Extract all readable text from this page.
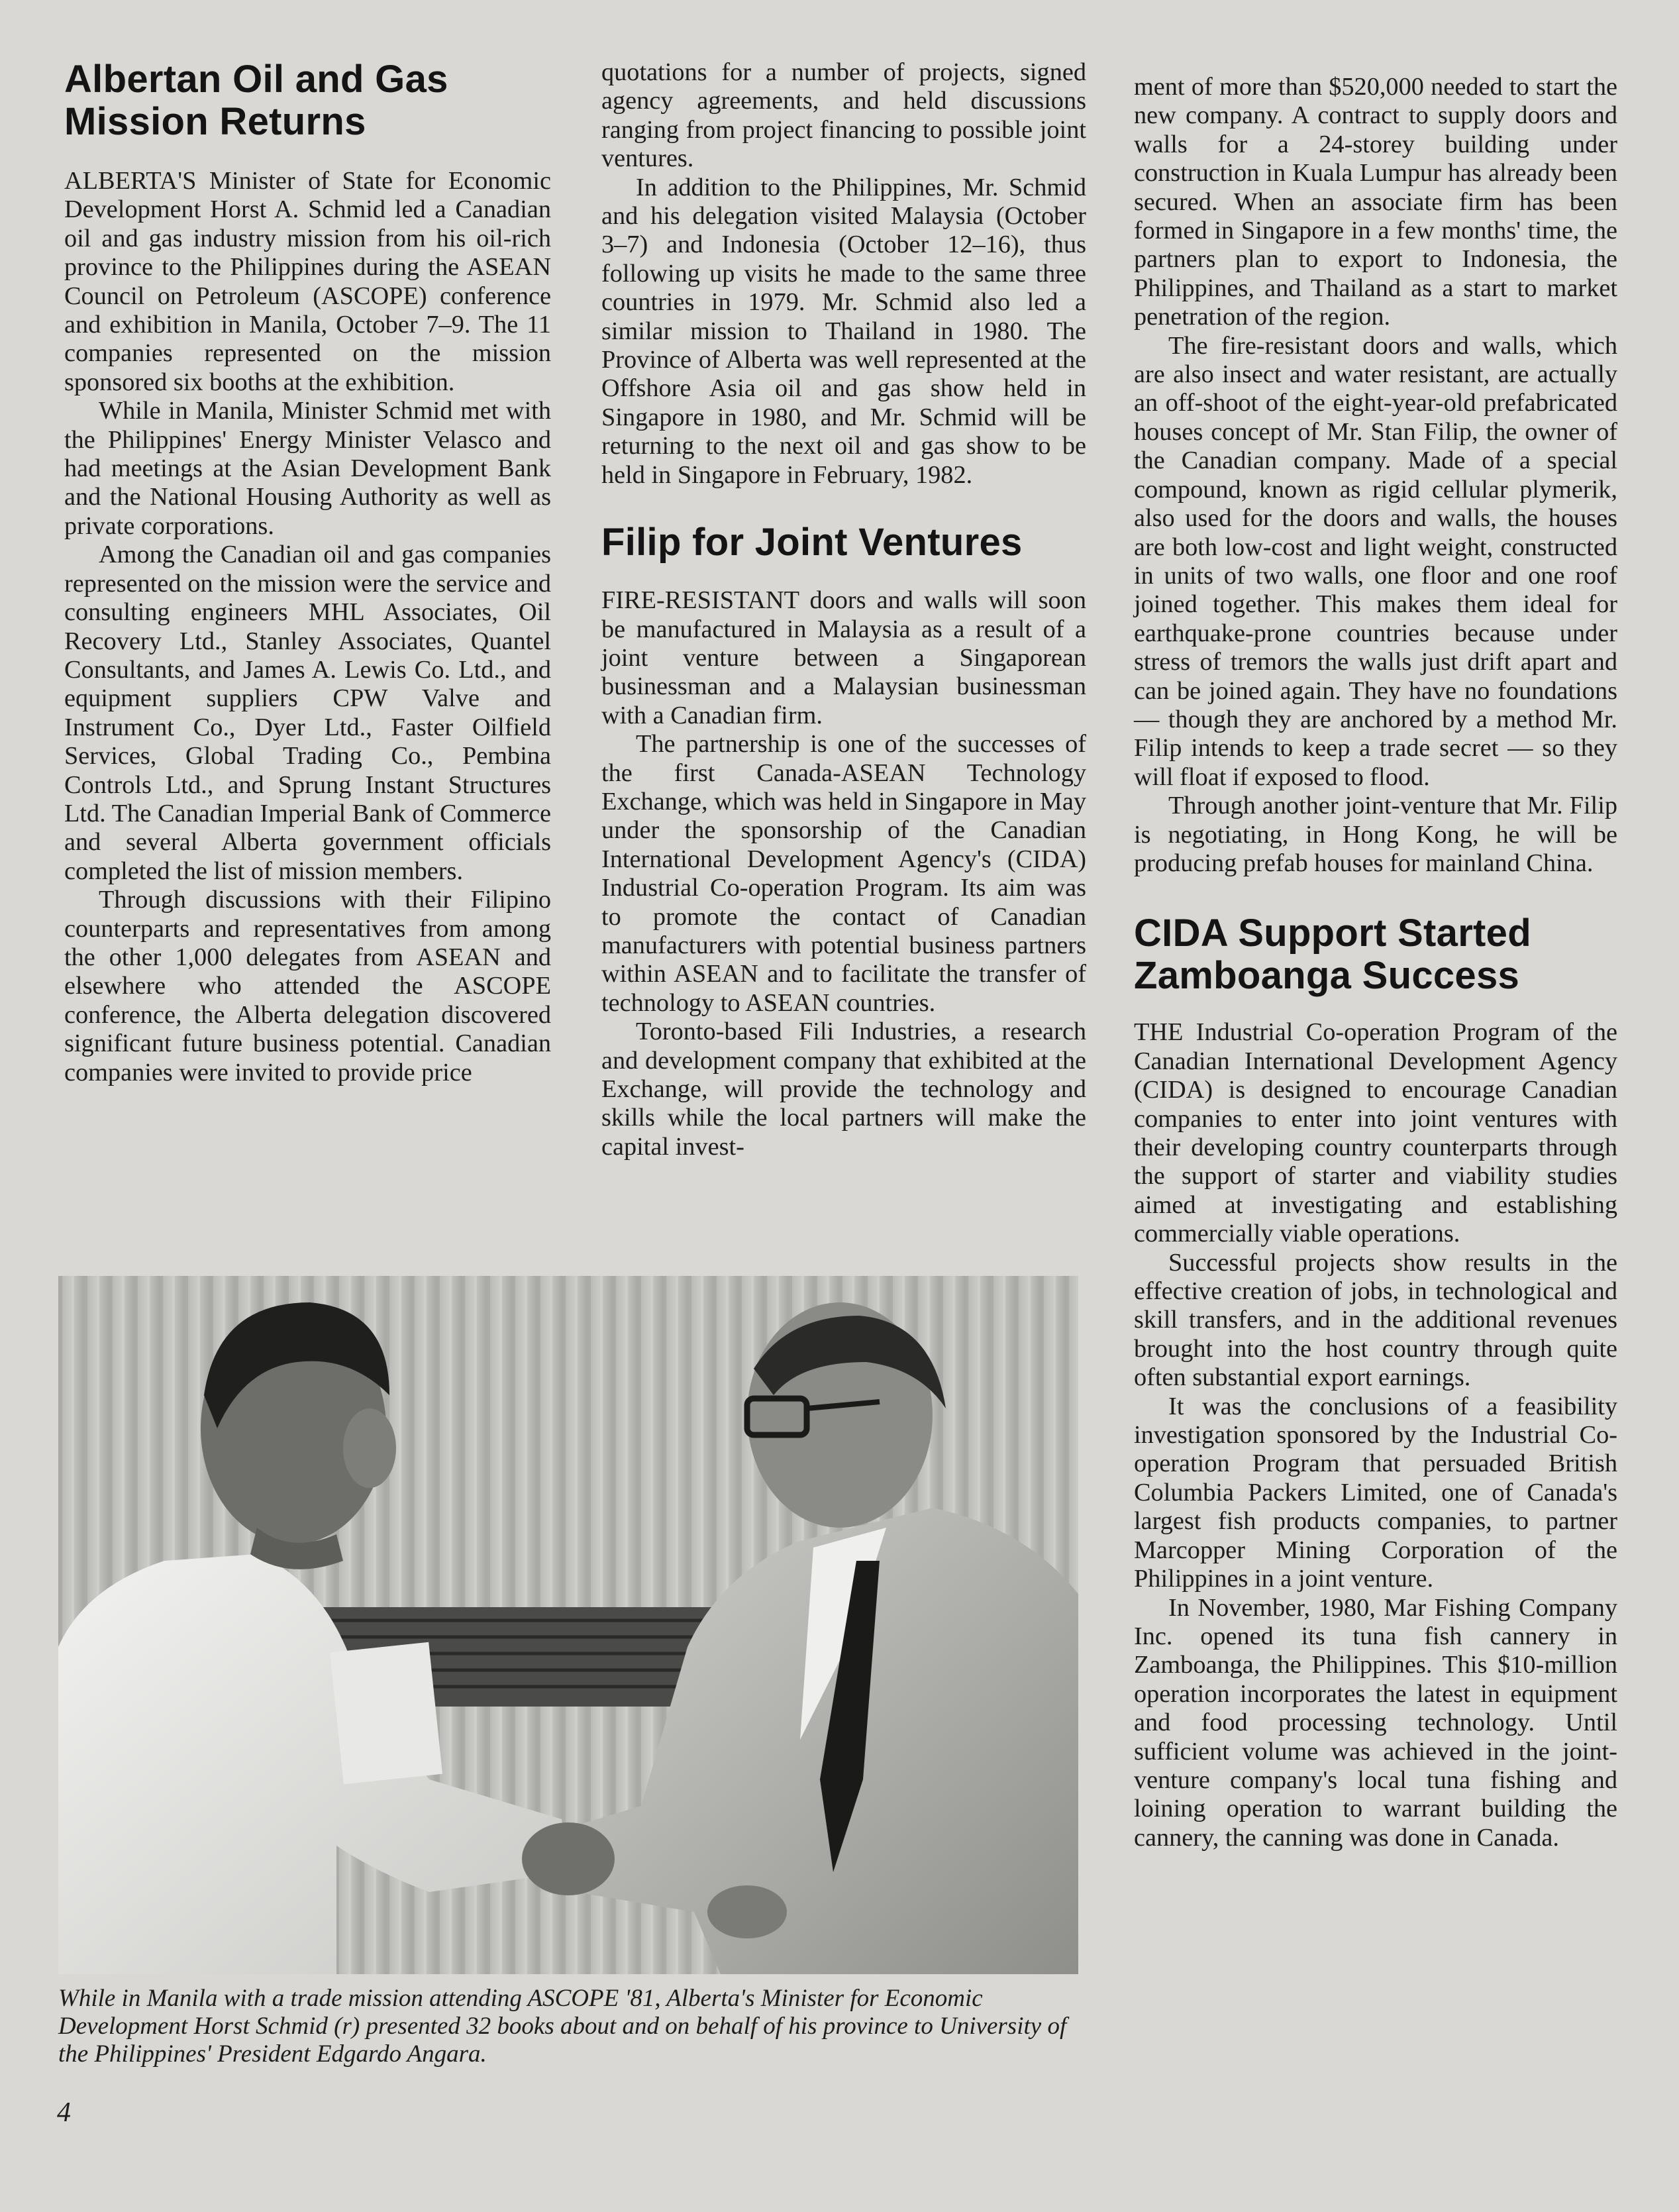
Albertan Oil and Gas Mission Returns

ALBERTA'S Minister of State for Economic Development Horst A. Schmid led a Canadian oil and gas industry mission from his oil-rich province to the Philippines during the ASEAN Council on Petroleum (ASCOPE) conference and exhibition in Manila, October 7–9. The 11 companies represented on the mission sponsored six booths at the exhibition.

While in Manila, Minister Schmid met with the Philippines' Energy Minister Velasco and had meetings at the Asian Development Bank and the National Housing Authority as well as private corporations.

Among the Canadian oil and gas companies represented on the mission were the service and consulting engineers MHL Associates, Oil Recovery Ltd., Stanley Associates, Quantel Consultants, and James A. Lewis Co. Ltd., and equipment suppliers CPW Valve and Instrument Co., Dyer Ltd., Faster Oilfield Services, Global Trading Co., Pembina Controls Ltd., and Sprung Instant Structures Ltd. The Canadian Imperial Bank of Commerce and several Alberta government officials completed the list of mission members.

Through discussions with their Filipino counterparts and representatives from among the other 1,000 delegates from ASEAN and elsewhere who attended the ASCOPE conference, the Alberta delegation discovered significant future business potential. Canadian companies were invited to provide price

quotations for a number of projects, signed agency agreements, and held discussions ranging from project financing to possible joint ventures.

In addition to the Philippines, Mr. Schmid and his delegation visited Malaysia (October 3–7) and Indonesia (October 12–16), thus following up visits he made to the same three countries in 1979. Mr. Schmid also led a similar mission to Thailand in 1980. The Province of Alberta was well represented at the Offshore Asia oil and gas show held in Singapore in 1980, and Mr. Schmid will be returning to the next oil and gas show to be held in Singapore in February, 1982.

Filip for Joint Ventures

FIRE-RESISTANT doors and walls will soon be manufactured in Malaysia as a result of a joint venture between a Singaporean businessman and a Malaysian businessman with a Canadian firm.

The partnership is one of the successes of the first Canada-ASEAN Technology Exchange, which was held in Singapore in May under the sponsorship of the Canadian International Development Agency's (CIDA) Industrial Co-operation Program. Its aim was to promote the contact of Canadian manufacturers with potential business partners within ASEAN and to facilitate the transfer of technology to ASEAN countries.

Toronto-based Fili Industries, a research and development company that exhibited at the Exchange, will provide the technology and skills while the local partners will make the capital invest-

ment of more than $520,000 needed to start the new company. A contract to supply doors and walls for a 24-storey building under construction in Kuala Lumpur has already been secured. When an associate firm has been formed in Singapore in a few months' time, the partners plan to export to Indonesia, the Philippines, and Thailand as a start to market penetration of the region.

The fire-resistant doors and walls, which are also insect and water resistant, are actually an off-shoot of the eight-year-old prefabricated houses concept of Mr. Stan Filip, the owner of the Canadian company. Made of a special compound, known as rigid cellular plymerik, also used for the doors and walls, the houses are both low-cost and light weight, constructed in units of two walls, one floor and one roof joined together. This makes them ideal for earthquake-prone countries because under stress of tremors the walls just drift apart and can be joined again. They have no foundations — though they are anchored by a method Mr. Filip intends to keep a trade secret — so they will float if exposed to flood.

Through another joint-venture that Mr. Filip is negotiating, in Hong Kong, he will be producing prefab houses for mainland China.

CIDA Support Started Zamboanga Success

THE Industrial Co-operation Program of the Canadian International Development Agency (CIDA) is designed to encourage Canadian companies to enter into joint ventures with their developing country counterparts through the support of starter and viability studies aimed at investigating and establishing commercially viable operations.

Successful projects show results in the effective creation of jobs, in technological and skill transfers, and in the additional revenues brought into the host country through quite often substantial export earnings.

It was the conclusions of a feasibility investigation sponsored by the Industrial Co-operation Program that persuaded British Columbia Packers Limited, one of Canada's largest fish products companies, to partner Marcopper Mining Corporation of the Philippines in a joint venture.

In November, 1980, Mar Fishing Company Inc. opened its tuna fish cannery in Zamboanga, the Philippines. This $10-million operation incorporates the latest in equipment and food processing technology. Until sufficient volume was achieved in the joint-venture company's local tuna fishing and loining operation to warrant building the cannery, the canning was done in Canada.

While in Manila with a trade mission attending ASCOPE '81, Alberta's Minister for Economic Development Horst Schmid (r) presented 32 books about and on behalf of his province to University of the Philippines' President Edgardo Angara.
4
